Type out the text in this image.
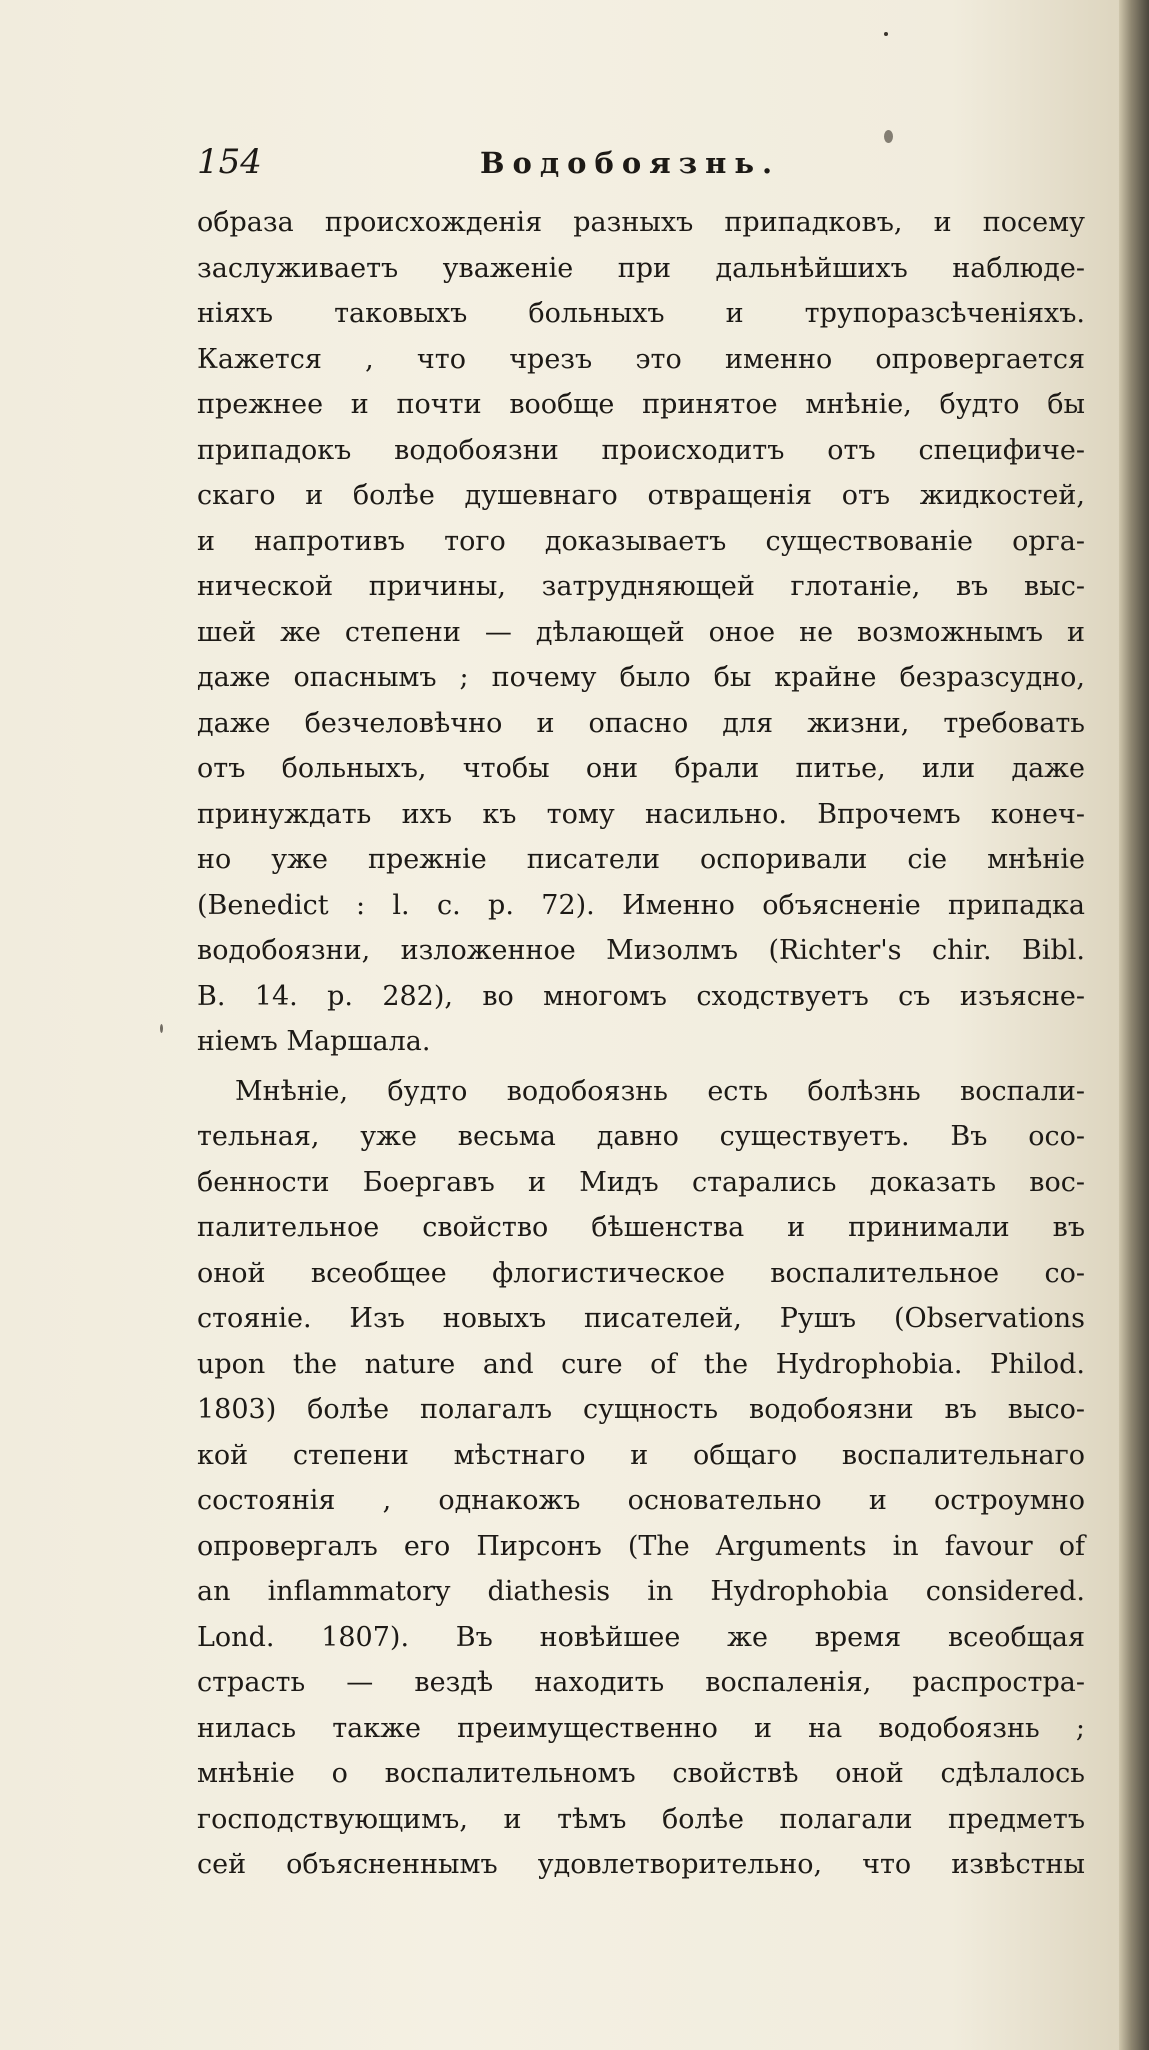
154	Водобоязнь.
образа происхожденія разныхъ припадковъ, и посему
заслуживаетъ уваженіе при дальнѣйшихъ наблюде-
ніяхъ таковыхъ больныхъ и трупоразсѣченіяхъ.
Кажется , что чрезъ это именно опровергается
прежнее и почти вообще принятое мнѣніе, будто бы
припадокъ водобоязни происходитъ отъ специфиче-
скаго и болѣе душевнаго отвращенія отъ жидкостей,
и напротивъ того доказываетъ существованіе орга-
нической причины, затрудняющей глотаніе, въ выс-
шей же степени — дѣлающей оное не возможнымъ и
даже опаснымъ ; почему было бы крайне безразсудно,
даже безчеловѣчно и опасно для жизни, требовать
отъ больныхъ, чтобы они брали питье, или даже
принуждать ихъ къ тому насильно. Впрочемъ конеч-
но уже прежніе писатели оспоривали сіе мнѣніе
(Benedict : l. c. p. 72). Именно объясненіе припадка
водобоязни, изложенное Мизолмъ (Richter's chir. Bibl.
B. 14. p. 282), во многомъ сходствуетъ съ изъясне-
ніемъ Маршала.
Мнѣніе, будто водобоязнь есть болѣзнь воспали-
тельная, уже весьма давно существуетъ. Въ осо-
бенности Боергавъ и Мидъ старались доказать вос-
палительное свойство бѣшенства и принимали въ
оной всеобщее флогистическое воспалительное со-
стояніе. Изъ новыхъ писателей, Рушъ (Observations
upon the nature and cure of the Hydrophobia. Philod.
1803) болѣе полагалъ сущность водобоязни въ высо-
кой степени мѣстнаго и общаго воспалительнаго
состоянія , однакожъ основательно и остроумно
опровергалъ его Пирсонъ (The Arguments in favour of
an inflammatory diathesis in Hydrophobia considered.
Lond. 1807). Въ новѣйшее же время всеобщая
страсть — вездѣ находить воспаленія, распростра-
нилась также преимущественно и на водобоязнь ;
мнѣніе о воспалительномъ свойствѣ оной сдѣлалось
господствующимъ, и тѣмъ болѣе полагали предметъ
сей объясненнымъ удовлетворительно, что извѣстны
